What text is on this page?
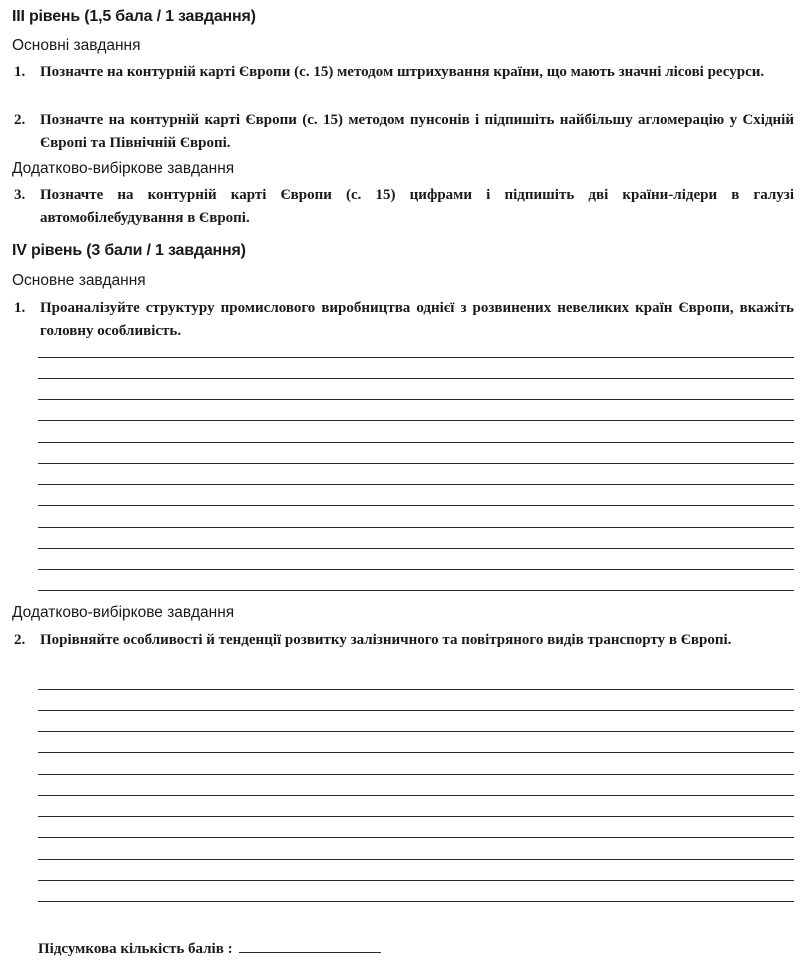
III рівень (1,5 бала / 1 завдання)
Основні завдання
1. Позначте на контурній карті Європи (с. 15) методом штрихування країни, що мають значні лісові ресурси.
2. Позначте на контурній карті Європи (с. 15) методом пунсонів і підпишіть найбільшу агломерацію у Східній Європі та Північній Європі.
Додатково-вибіркове завдання
3. Позначте на контурній карті Європи (с. 15) цифрами і підпишіть дві країни-лідери в галузі автомобілебудування в Європі.
IV рівень (3 бали / 1 завдання)
Основне завдання
1. Проаналізуйте структуру промислового виробництва однієї з розвинених невеликих країн Європи, вкажіть головну особливість.
Додатково-вибіркове завдання
2. Порівняйте особливості й тенденції розвитку залізничного та повітряного видів транспорту в Європі.
Підсумкова кількість балів :
